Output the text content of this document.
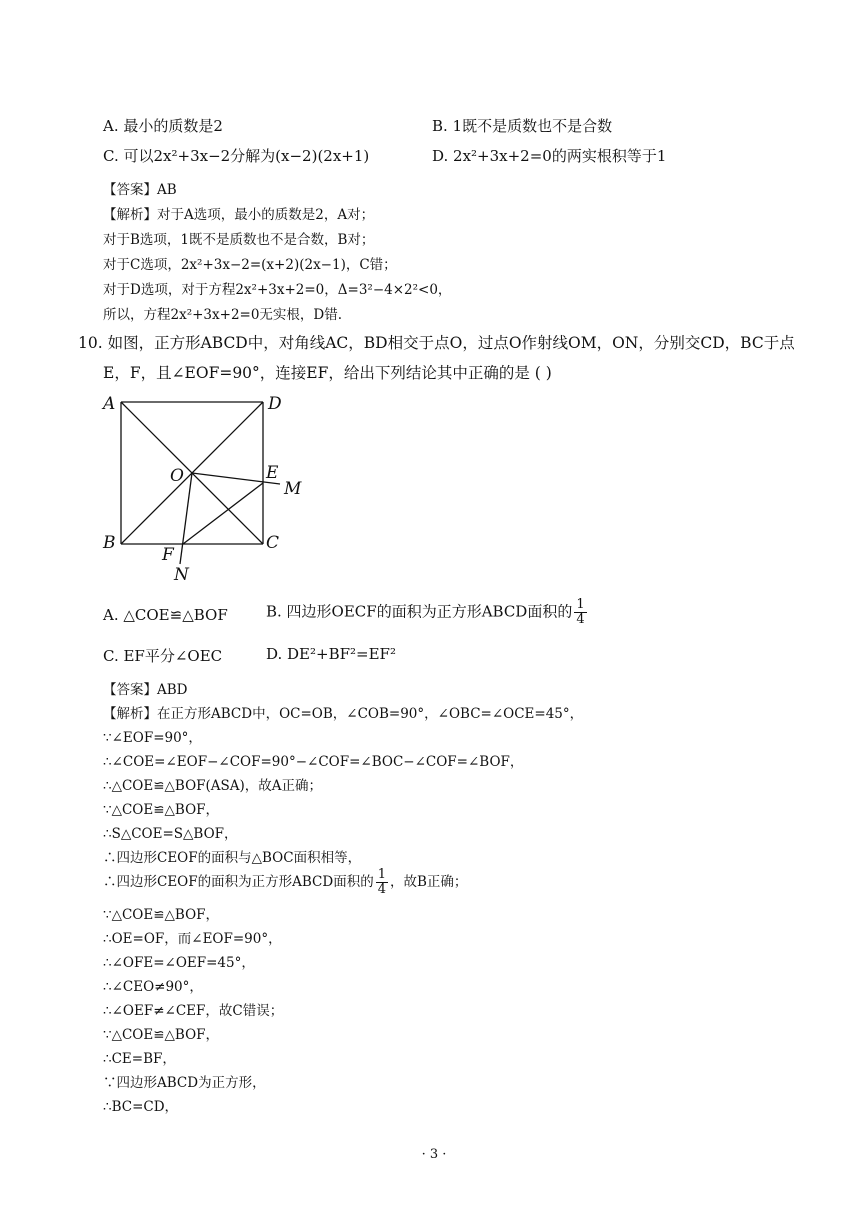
A. 最小的质数是2	B. 1既不是质数也不是合数
C. 可以2x²+3x−2分解为(x−2)(2x+1)	D. 2x²+3x+2=0的两实根积等于1
【答案】AB
【解析】对于A选项，最小的质数是2，A对；
对于B选项，1既不是质数也不是合数，B对；
对于C选项，2x²+3x−2=(x+2)(2x−1)，C错；
对于D选项，对于方程2x²+3x+2=0，Δ=3²−4×2²<0，
所以，方程2x²+3x+2=0无实根，D错.
10. 如图，正方形ABCD中，对角线AC，BD相交于点O，过点O作射线OM，ON，分别交CD，BC于点
E，F，且∠EOF=90°，连接EF，给出下列结论其中正确的是 ( )
A	D
B	C
O	E
M
F
N
A. △COE≌△BOF	B. 四边形OECF的面积为正方形ABCD面积的 $\frac{1}{4}$
C. EF平分∠OEC	D. DE²+BF²=EF²
【答案】ABD
【解析】在正方形ABCD中，OC=OB，∠COB=90°，∠OBC=∠OCE=45°，
∵∠EOF=90°，
∴∠COE=∠EOF−∠COF=90°−∠COF=∠BOC−∠COF=∠BOF，
∴△COE≌△BOF(ASA)，故A正确；
∵△COE≌△BOF，
∴S△COE=S△BOF，
∴四边形CEOF的面积与△BOC面积相等，
∴四边形CEOF的面积为正方形ABCD面积的 $\frac{1}{4}$ ，故B正确；
∵△COE≌△BOF，
∴OE=OF，而∠EOF=90°，
∴∠OFE=∠OEF=45°，
∴∠CEO≠90°，
∴∠OEF≠∠CEF，故C错误；
∵△COE≌△BOF，
∴CE=BF，
∵四边形ABCD为正方形，
∴BC=CD，
· 3 ·
